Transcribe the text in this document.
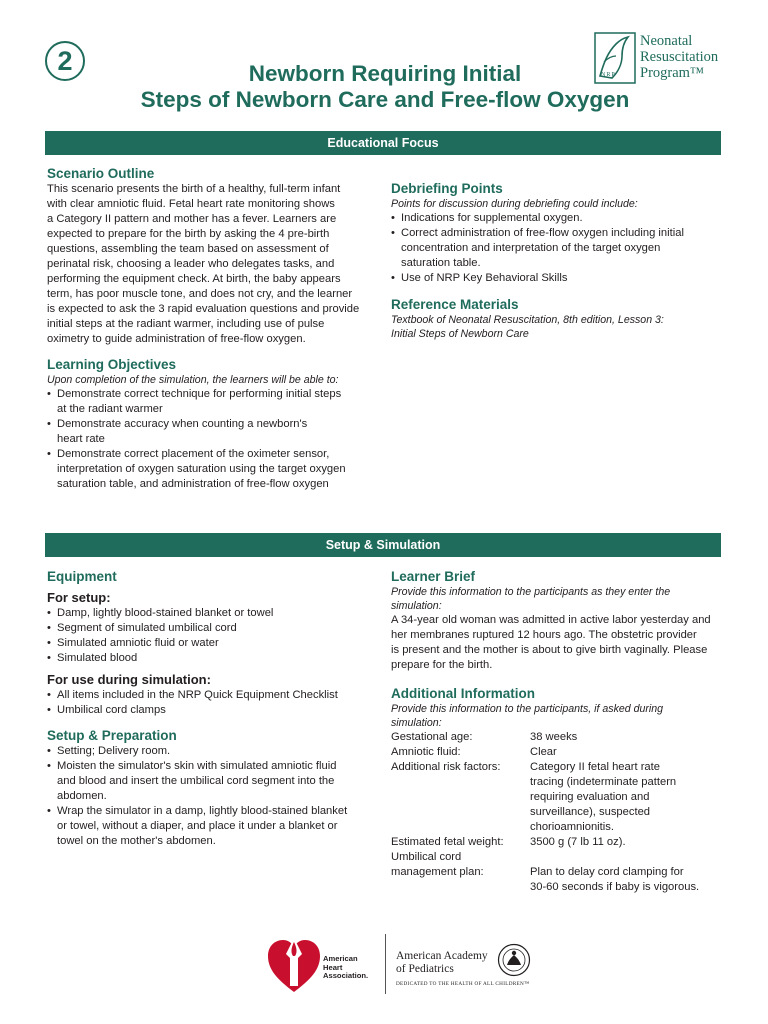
2	Newborn Requiring Initial
Steps of Newborn Care and Free-flow Oxygen
NRP
Neonatal
Resuscitation
Program™
Educational Focus
Scenario Outline

This scenario presents the birth of a healthy, full-term infant
with clear amniotic fluid. Fetal heart rate monitoring shows
a Category II pattern and mother has a fever. Learners are
expected to prepare for the birth by asking the 4 pre-birth
questions, assembling the team based on assessment of
perinatal risk, choosing a leader who delegates tasks, and
performing the equipment check. At birth, the baby appears
term, has poor muscle tone, and does not cry, and the learner
is expected to ask the 3 rapid evaluation questions and provide
initial steps at the radiant warmer, including use of pulse
oximetry to guide administration of free-flow oxygen.

Learning Objectives

Upon completion of the simulation, the learners will be able to:

• Demonstrate correct technique for performing initial steps
at the radiant warmer
• Demonstrate accuracy when counting a newborn's
heart rate
• Demonstrate correct placement of the oximeter sensor,
interpretation of oxygen saturation using the target oxygen
saturation table, and administration of free-flow oxygen
Debriefing Points

Points for discussion during debriefing could include:

• Indications for supplemental oxygen.
• Correct administration of free-flow oxygen including initial
concentration and interpretation of the target oxygen
saturation table.
• Use of NRP Key Behavioral Skills
Reference Materials

Textbook of Neonatal Resuscitation, 8th edition, Lesson 3:

Initial Steps of Newborn Care

Setup & Simulation
Equipment

For setup:

• Damp, lightly blood-stained blanket or towel
• Segment of simulated umbilical cord
• Simulated amniotic fluid or water
• Simulated blood

For use during simulation:

• All items included in the NRP Quick Equipment Checklist
• Umbilical cord clamps
Setup & Preparation
• Setting; Delivery room.
• Moisten the simulator's skin with simulated amniotic fluid
and blood and insert the umbilical cord segment into the
abdomen.
• Wrap the simulator in a damp, lightly blood-stained blanket
or towel, without a diaper, and place it under a blanket or
towel on the mother's abdomen.
Learner Brief

Provide this information to the participants as they enter the
simulation:

A 34-year old woman was admitted in active labor yesterday and
her membranes ruptured 12 hours ago. The obstetric provider
is present and the mother is about to give birth vaginally. Please
prepare for the birth.

Additional Information

Provide this information to the participants, if asked during
simulation:

Gestational age:	38 weeks
Amniotic fluid:	Clear
Additional risk factors:	Category II fetal heart rate
tracing (indeterminate pattern
requiring evaluation and
surveillance), suspected
chorioamnionitis.
Estimated fetal weight:	3500 g (7 lb 11 oz).
Umbilical cord
management plan:	
Plan to delay cord clamping for
30-60 seconds if baby is vigorous.
American
Heart
Association.
American Academy
of Pediatrics
DEDICATED TO THE HEALTH OF ALL CHILDREN™
